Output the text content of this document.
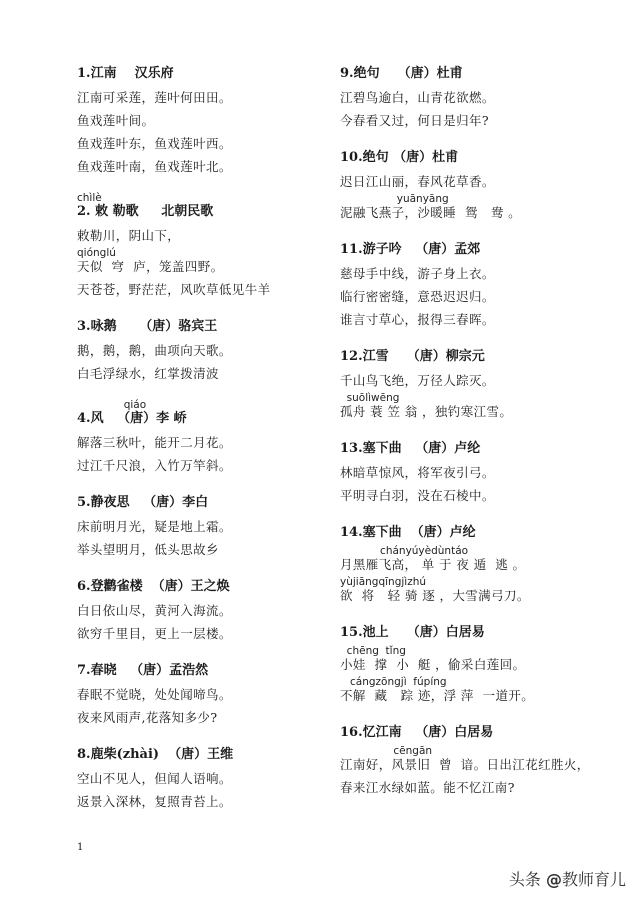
1.江南    汉乐府
江南可采莲，莲叶何田田。
鱼戏莲叶间。
鱼戏莲叶东，鱼戏莲叶西。
鱼戏莲叶南，鱼戏莲叶北。
chìlè
2. 敕 勒歌     北朝民歌
敕勒川，阴山下，
qiónglú
天似  穹  庐，笼盖四野。
天苍苍，野茫茫，风吹草低见牛羊
3.咏鹅     （唐）骆宾王
鹅，鹅，鹅，曲项向天歌。
白毛浮绿水，红掌拨清波
qiáo
4.风   （唐）李 峤
解落三秋叶，能开二月花。
过江千尺浪，入竹万竿斜。
5.静夜思   （唐）李白
床前明月光，疑是地上霜。
举头望明月，低头思故乡
6.登鹳雀楼  （唐）王之焕
白日依山尽，黄河入海流。
欲穷千里目，更上一层楼。
7.春晓   （唐）孟浩然
春眠不觉晓，处处闻啼鸟。
夜来风雨声,花落知多少?
8.鹿柴(zhài)  （唐）王维
空山不见人，但闻人语响。
返景入深林，复照青苔上。
9.绝句    （唐）杜甫
江碧鸟逾白，山青花欲燃。
今春看又过，何日是归年?
10.绝句 （唐）杜甫
迟日江山丽，春风花草香。
yuānyāng
泥融飞燕子，沙暖睡  鸳   鸯 。
11.游子吟   （唐）孟郊
慈母手中线，游子身上衣。
临行密密缝，意恐迟迟归。
谁言寸草心，报得三春晖。
12.江雪    （唐）柳宗元
千山鸟飞绝，万径人踪灭。
suōlìwēng
孤舟 蓑 笠 翁 ，独钓寒江雪。
13.塞下曲   （唐）卢纶
林暗草惊风，将军夜引弓。
平明寻白羽，没在石棱中。
14.塞下曲  （唐）卢纶
chányúyèdùntáo
月黑雁飞高， 单 于 夜 遁  逃 。
yùjiāngqīngjìzhú
欲  将   轻 骑 逐 ，大雪满弓刀。
15.池上    （唐）白居易
chēng  tǐng
小娃  撑  小  艇 ，偷采白莲回。
cángzōngjì  fúpíng
不解  藏   踪 迹，浮 萍  一道开。
16.忆江南   （唐）白居易
cēngān
江南好，风景旧  曾  谙。日出江花红胜火，
春来江水绿如蓝。能不忆江南?
1
头条 @教师育儿
